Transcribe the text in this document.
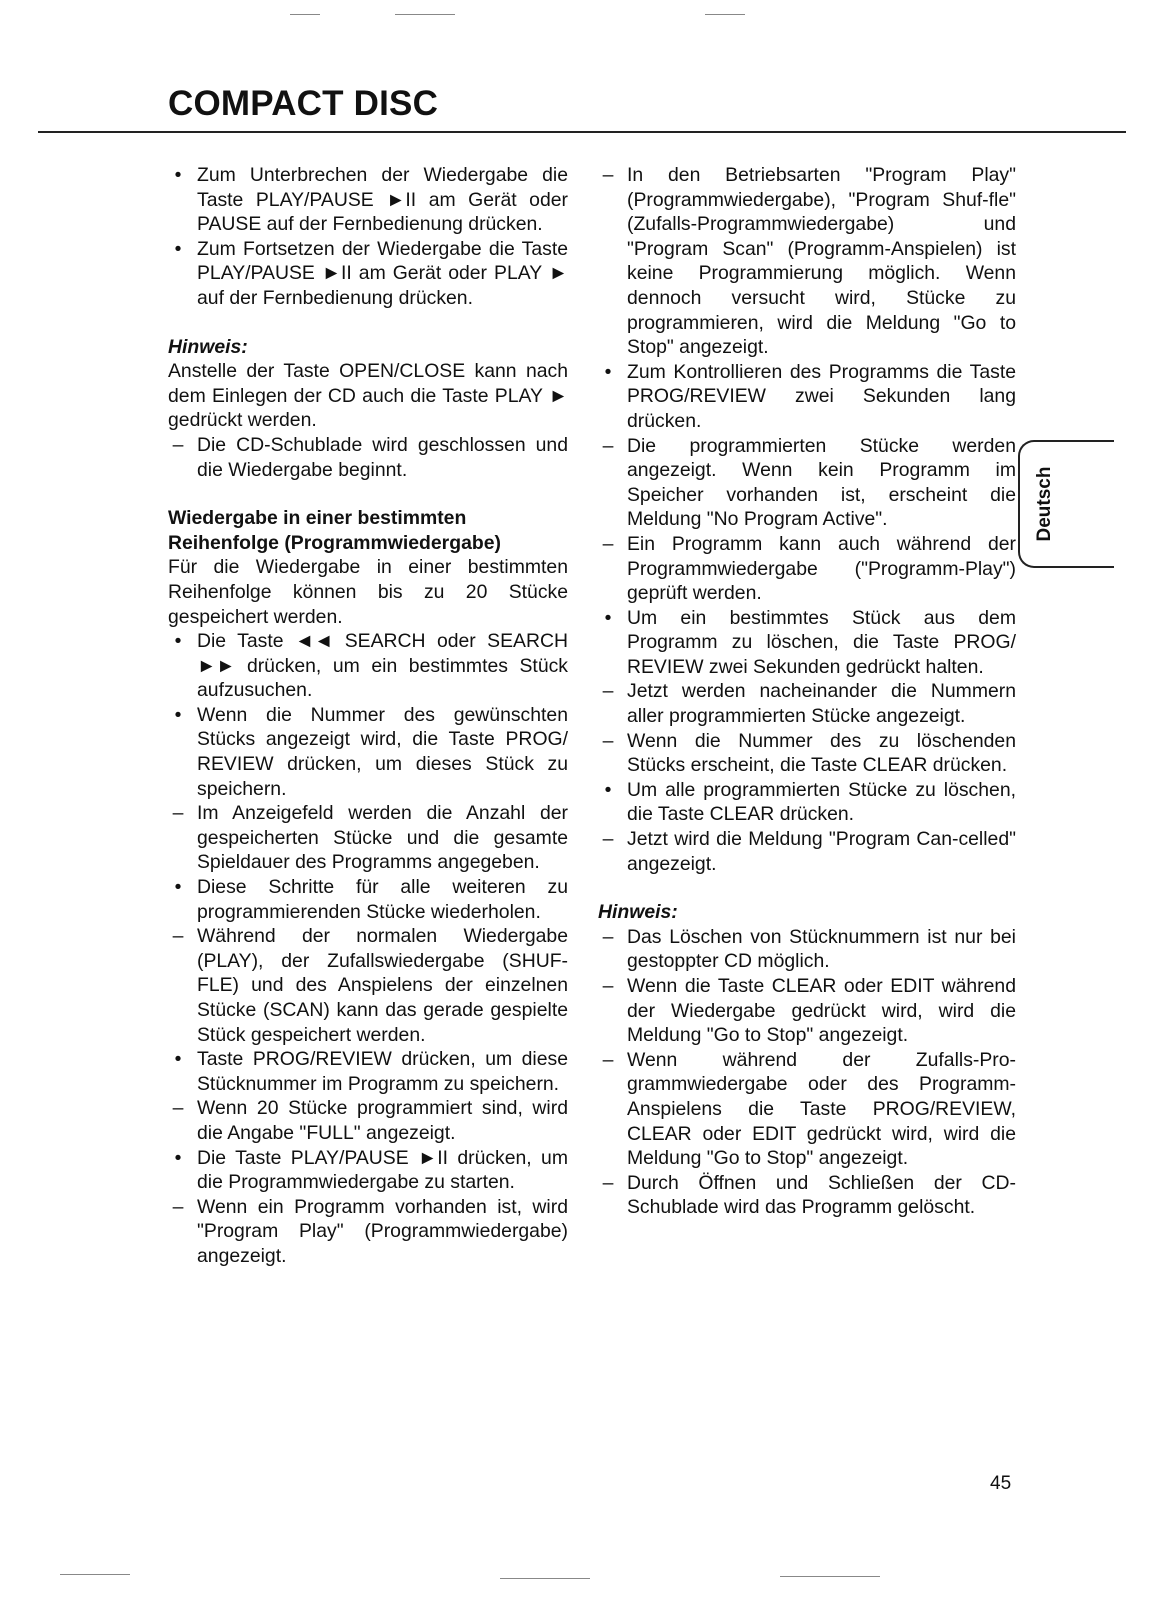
COMPACT DISC
• Zum Unterbrechen der Wiedergabe die Taste PLAY/PAUSE ►II am Gerät oder PAUSE auf der Fernbedienung drücken.
• Zum Fortsetzen der Wiedergabe die Taste PLAY/PAUSE ►II am Gerät oder PLAY ► auf der Fernbedienung drücken.
Hinweis:
Anstelle der Taste OPEN/CLOSE kann nach dem Einlegen der CD auch die Taste PLAY ► gedrückt werden.
– Die CD-Schublade wird geschlossen und die Wiedergabe beginnt.
Wiedergabe in einer bestimmten Reihenfolge (Programmwiedergabe)
Für die Wiedergabe in einer bestimmten Reihenfolge können bis zu 20 Stücke gespeichert werden.
• Die Taste ◄◄ SEARCH oder SEARCH ►► drücken, um ein bestimmtes Stück aufzusuchen.
• Wenn die Nummer des gewünschten Stücks angezeigt wird, die Taste PROG/ REVIEW drücken, um dieses Stück zu speichern.
– Im Anzeigefeld werden die Anzahl der gespeicherten Stücke und die gesamte Spieldauer des Programms angegeben.
• Diese Schritte für alle weiteren zu programmierenden Stücke wiederholen.
– Während der normalen Wiedergabe (PLAY), der Zufallswiedergabe (SHUF-FLE) und des Anspielens der einzelnen Stücke (SCAN) kann das gerade gespielte Stück gespeichert werden.
• Taste PROG/REVIEW drücken, um diese Stücknummer im Programm zu speichern.
– Wenn 20 Stücke programmiert sind, wird die Angabe "FULL" angezeigt.
• Die Taste PLAY/PAUSE ►II drücken, um die Programmwiedergabe zu starten.
– Wenn ein Programm vorhanden ist, wird "Program Play" (Programmwiedergabe) angezeigt.
– In den Betriebsarten "Program Play" (Programmwiedergabe), "Program Shuf-fle" (Zufalls-Programmwiedergabe) und "Program Scan" (Programm-Anspielen) ist keine Programmierung möglich. Wenn dennoch versucht wird, Stücke zu programmieren, wird die Meldung "Go to Stop" angezeigt.
• Zum Kontrollieren des Programms die Taste PROG/REVIEW zwei Sekunden lang drücken.
– Die programmierten Stücke werden angezeigt. Wenn kein Programm im Speicher vorhanden ist, erscheint die Meldung "No Program Active".
– Ein Programm kann auch während der Programmwiedergabe ("Programm-Play") geprüft werden.
• Um ein bestimmtes Stück aus dem Programm zu löschen, die Taste PROG/ REVIEW zwei Sekunden gedrückt halten.
– Jetzt werden nacheinander die Nummern aller programmierten Stücke angezeigt.
– Wenn die Nummer des zu löschenden Stücks erscheint, die Taste CLEAR drücken.
• Um alle programmierten Stücke zu löschen, die Taste CLEAR drücken.
– Jetzt wird die Meldung "Program Can-celled" angezeigt.
Hinweis:
– Das Löschen von Stücknummern ist nur bei gestoppter CD möglich.
– Wenn die Taste CLEAR oder EDIT während der Wiedergabe gedrückt wird, wird die Meldung "Go to Stop" angezeigt.
– Wenn während der Zufalls-Pro-grammwiedergabe oder des Programm-Anspielens die Taste PROG/REVIEW, CLEAR oder EDIT gedrückt wird, wird die Meldung "Go to Stop" angezeigt.
– Durch Öffnen und Schließen der CD-Schublade wird das Programm gelöscht.
Deutsch
45
